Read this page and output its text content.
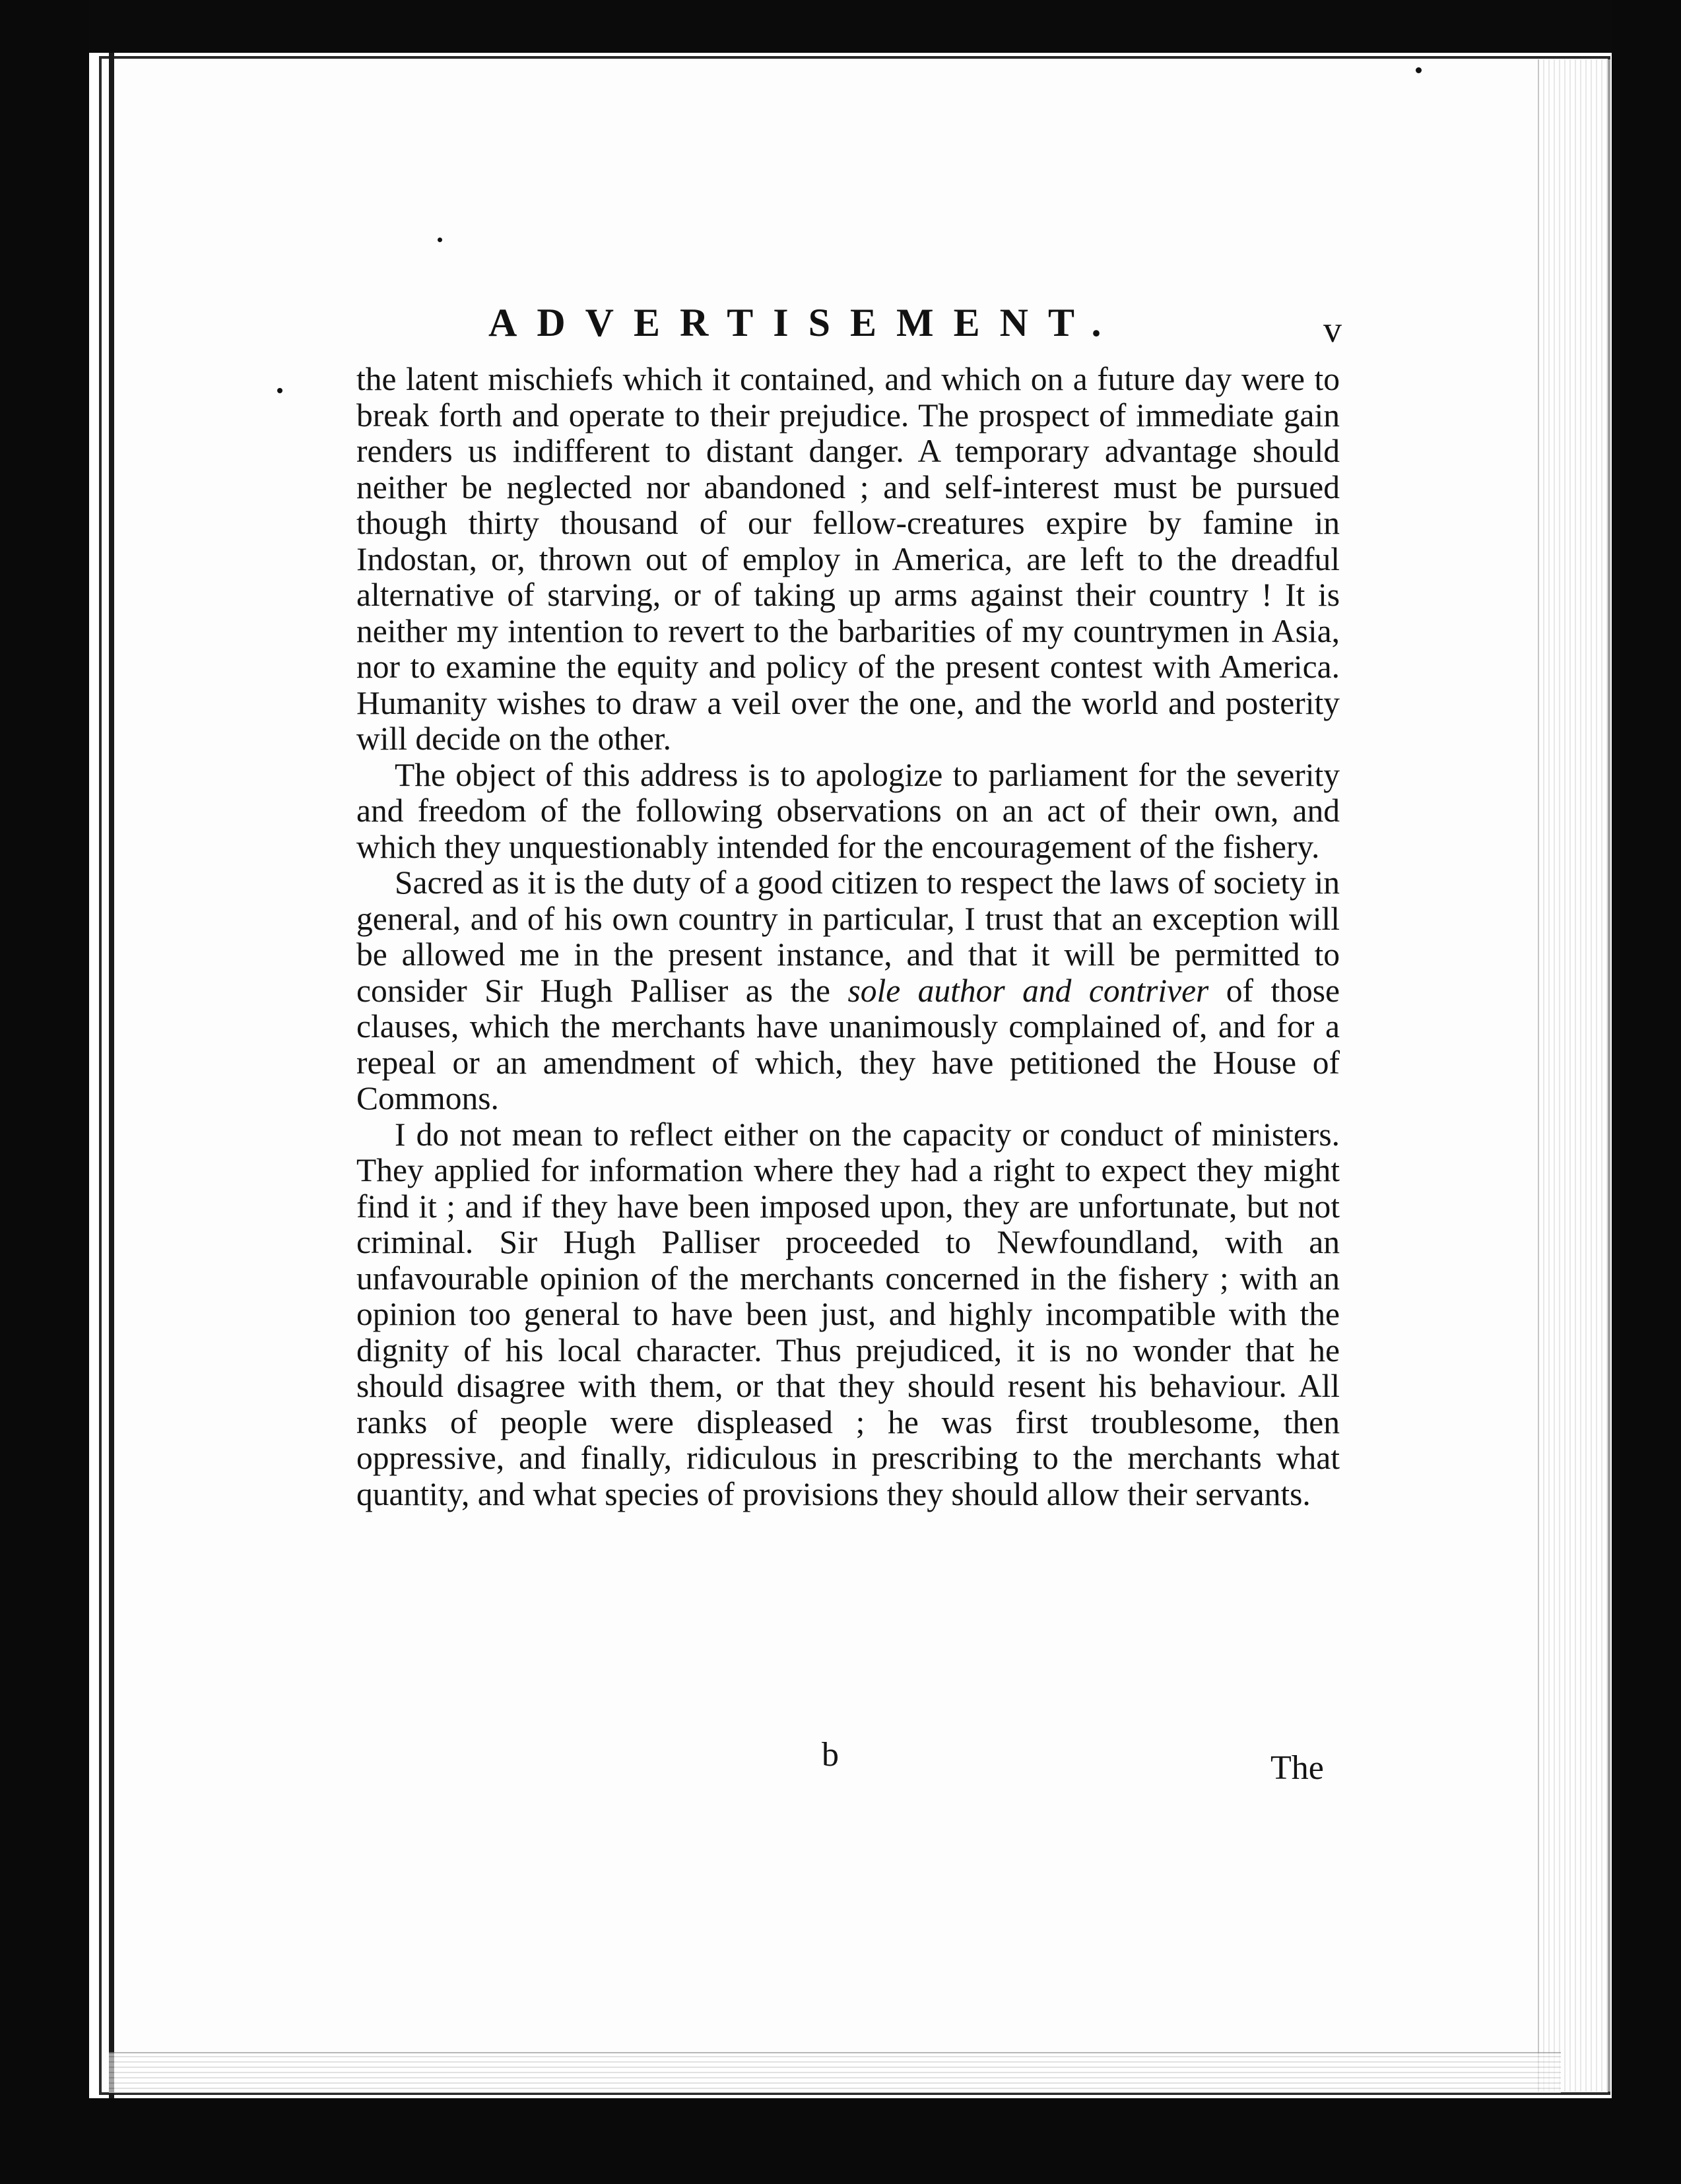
ADVERTISEMENT.	v

the latent mischiefs which it contained, and which on a future day were to break forth and operate to their prejudice. The prospect of immediate gain renders us indifferent to distant danger. A temporary advantage should neither be neglected nor abandoned ; and self-interest must be pursued though thirty thousand of our fellow-creatures expire by famine in Indostan, or, thrown out of employ in America, are left to the dreadful alternative of starving, or of taking up arms against their country ! It is neither my intention to revert to the barbarities of my countrymen in Asia, nor to examine the equity and policy of the present contest with America. Humanity wishes to draw a veil over the one, and the world and posterity will decide on the other.

The object of this address is to apologize to parliament for the severity and freedom of the following observations on an act of their own, and which they unquestionably intended for the encouragement of the fishery.

Sacred as it is the duty of a good citizen to respect the laws of society in general, and of his own country in particular, I trust that an exception will be allowed me in the present instance, and that it will be permitted to consider Sir Hugh Palliser as the sole author and contriver of those clauses, which the merchants have unanimously complained of, and for a repeal or an amendment of which, they have petitioned the House of Commons.

I do not mean to reflect either on the capacity or conduct of ministers. They applied for information where they had a right to expect they might find it ; and if they have been imposed upon, they are unfortunate, but not criminal. Sir Hugh Palliser proceeded to Newfoundland, with an unfavourable opinion of the merchants concerned in the fishery ; with an opinion too general to have been just, and highly incompatible with the dignity of his local character. Thus prejudiced, it is no wonder that he should disagree with them, or that they should resent his behaviour. All ranks of people were displeased ; he was first troublesome, then oppressive, and finally, ridiculous in prescribing to the merchants what quantity, and what species of provisions they should allow their servants.

b	The
